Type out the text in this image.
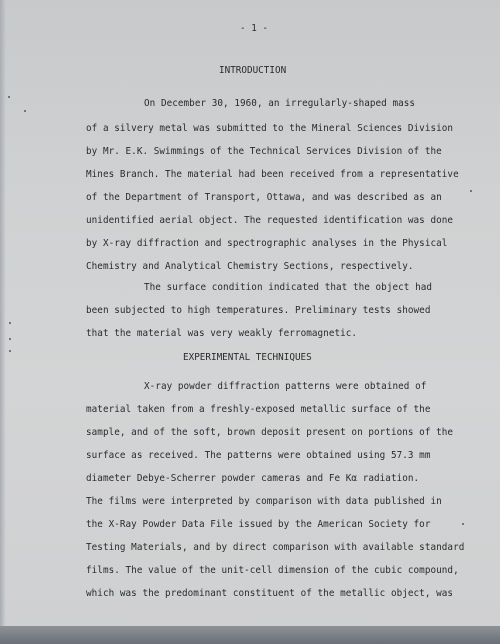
- 1 -
INTRODUCTION
On December 30, 1960, an irregularly-shaped mass
of a silvery metal was submitted to the Mineral Sciences Division
by Mr. E.K. Swimmings of the Technical Services Division of the
Mines Branch. The material had been received from a representative
of the Department of Transport, Ottawa, and was described as an
unidentified aerial object. The requested identification was done
by X-ray diffraction and spectrographic analyses in the Physical
Chemistry and Analytical Chemistry Sections, respectively.
The surface condition indicated that the object had
been subjected to high temperatures. Preliminary tests showed
that the material was very weakly ferromagnetic.
EXPERIMENTAL TECHNIQUES
X-ray powder diffraction patterns were obtained of
material taken from a freshly-exposed metallic surface of the
sample, and of the soft, brown deposit present on portions of the
surface as received. The patterns were obtained using 57.3 mm
diameter Debye-Scherrer powder cameras and Fe Kα radiation.
The films were interpreted by comparison with data published in
the X-Ray Powder Data File issued by the American Society for
Testing Materials, and by direct comparison with available standard
films. The value of the unit-cell dimension of the cubic compound,
which was the predominant constituent of the metallic object, was
